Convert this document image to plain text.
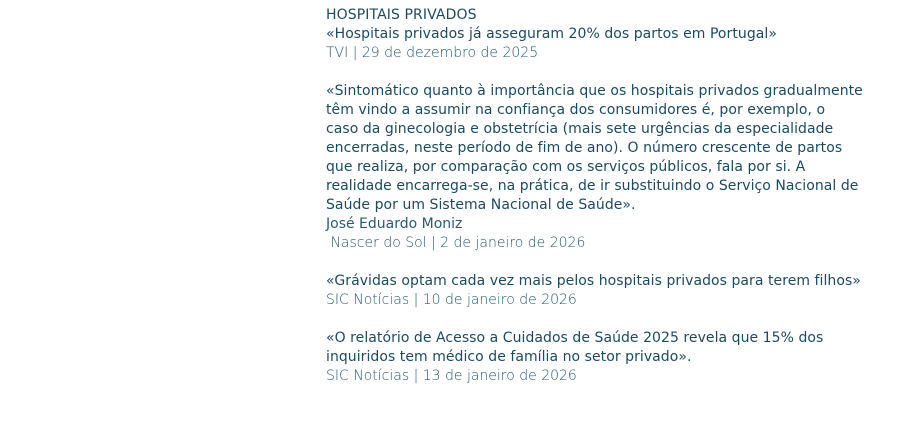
HOSPITAIS PRIVADOS
«Hospitais privados já asseguram 20% dos partos em Portugal»
TVI | 29 de dezembro de 2025
«Sintomático quanto à importância que os hospitais privados gradualmente
têm vindo a assumir na confiança dos consumidores é, por exemplo, o
caso da ginecologia e obstetrícia (mais sete urgências da especialidade
encerradas, neste período de fim de ano). O número crescente de partos
que realiza, por comparação com os serviços públicos, fala por si. A
realidade encarrega-se, na prática, de ir substituindo o Serviço Nacional de
Saúde por um Sistema Nacional de Saúde».
José Eduardo Moniz
Nascer do Sol | 2 de janeiro de 2026
«Grávidas optam cada vez mais pelos hospitais privados para terem filhos»
SIC Notícias | 10 de janeiro de 2026
«O relatório de Acesso a Cuidados de Saúde 2025 revela que 15% dos
inquiridos tem médico de família no setor privado».
SIC Notícias | 13 de janeiro de 2026
